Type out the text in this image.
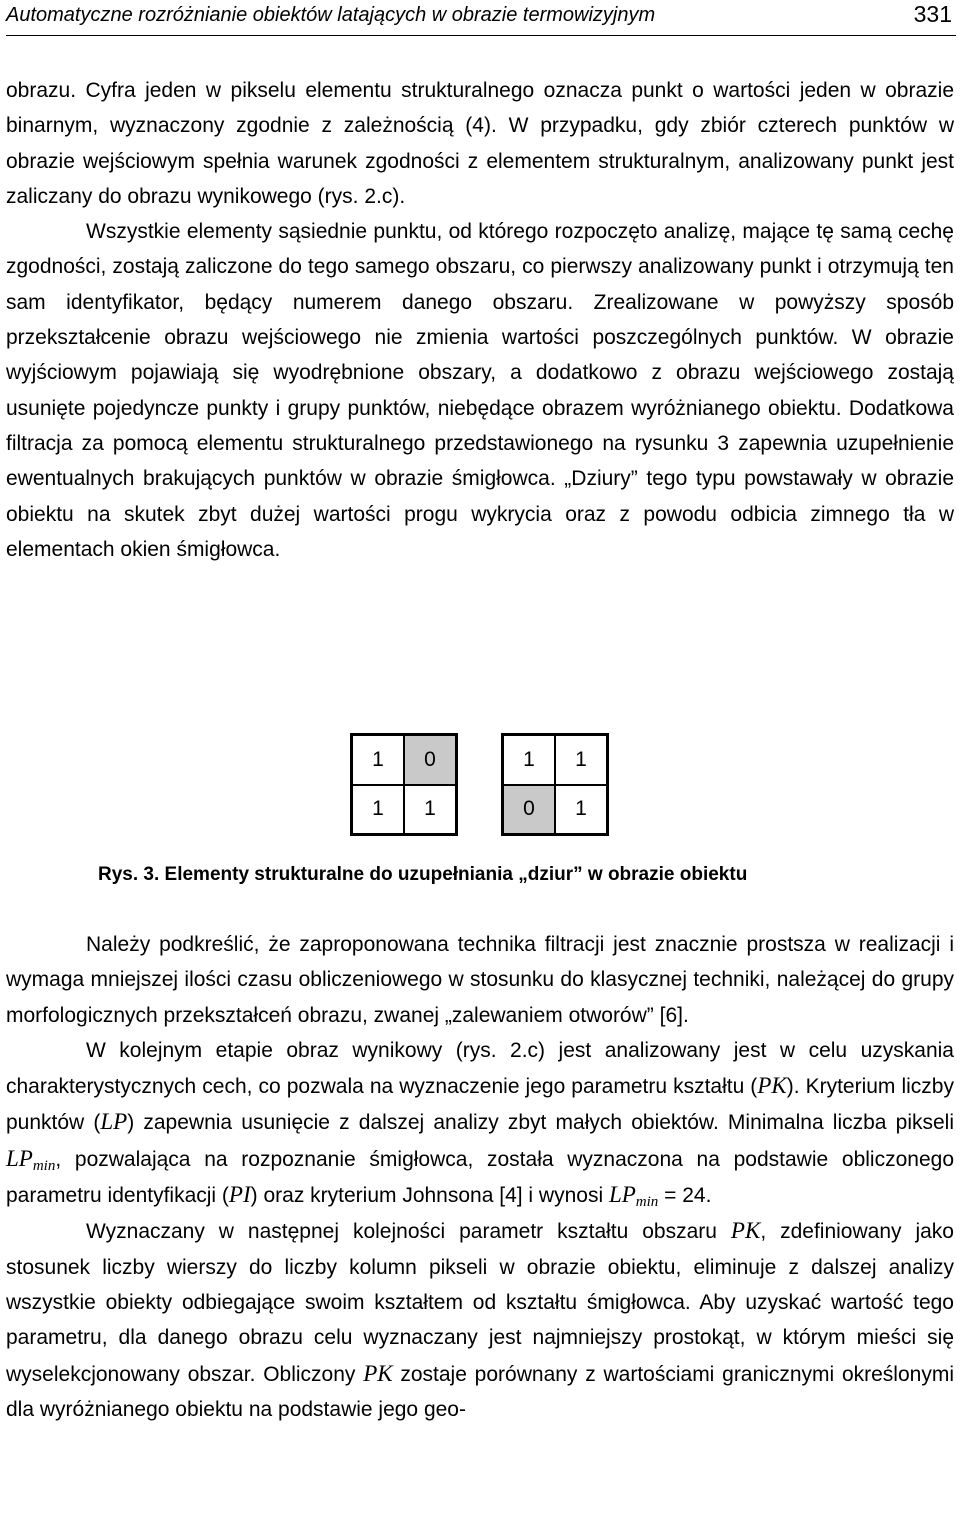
Automatyczne rozróżnianie obiektów latających w obrazie termowizyjnym	331

obrazu. Cyfra jeden w pikselu elementu strukturalnego oznacza punkt o wartości jeden w obrazie binarnym, wyznaczony zgodnie z zależnością (4). W przypadku, gdy zbiór czterech punktów w obrazie wejściowym spełnia warunek zgodności z elementem strukturalnym, analizowany punkt jest zaliczany do obrazu wynikowego (rys. 2.c).

Wszystkie elementy sąsiednie punktu, od którego rozpoczęto analizę, mające tę samą cechę zgodności, zostają zaliczone do tego samego obszaru, co pierwszy analizowany punkt i otrzymują ten sam identyfikator, będący numerem danego obszaru. Zrealizowane w powyższy sposób przekształcenie obrazu wejściowego nie zmienia wartości poszczególnych punktów. W obrazie wyjściowym pojawiają się wyodrębnione obszary, a dodatkowo z obrazu wejściowego zostają usunięte pojedyncze punkty i grupy punktów, niebędące obrazem wyróżnianego obiektu. Dodatkowa filtracja za pomocą elementu strukturalnego przedstawionego na rysunku 3 zapewnia uzupełnienie ewentualnych brakujących punktów w obrazie śmigłowca. „Dziury” tego typu powstawały w obrazie obiektu na skutek zbyt dużej wartości progu wykrycia oraz z powodu odbicia zimnego tła w elementach okien śmigłowca.

1	0
1	1
1	1
0	1
Rys. 3. Elementy strukturalne do uzupełniania „dziur” w obrazie obiektu

Należy podkreślić, że zaproponowana technika filtracji jest znacznie prostsza w realizacji i wymaga mniejszej ilości czasu obliczeniowego w stosunku do klasycznej techniki, należącej do grupy morfologicznych przekształceń obrazu, zwanej „zalewaniem otworów” [6].

W kolejnym etapie obraz wynikowy (rys. 2.c) jest analizowany jest w celu uzyskania charakterystycznych cech, co pozwala na wyznaczenie jego parametru kształtu (PK). Kryterium liczby punktów (LP) zapewnia usunięcie z dalszej analizy zbyt małych obiektów. Minimalna liczba pikseli $LP_{min}$, pozwalająca na rozpoznanie śmigłowca, została wyznaczona na podstawie obliczonego parametru identyfikacji (PI) oraz kryterium Johnsona [4] i wynosi $LP_{min} = 24$.

Wyznaczany w następnej kolejności parametr kształtu obszaru PK, zdefiniowany jako stosunek liczby wierszy do liczby kolumn pikseli w obrazie obiektu, eliminuje z dalszej analizy wszystkie obiekty odbiegające swoim kształtem od kształtu śmigłowca. Aby uzyskać wartość tego parametru, dla danego obrazu celu wyznaczany jest najmniejszy prostokąt, w którym mieści się wyselekcjonowany obszar. Obliczony PK zostaje porównany z wartościami granicznymi określonymi dla wyróżnianego obiektu na podstawie jego geo-
